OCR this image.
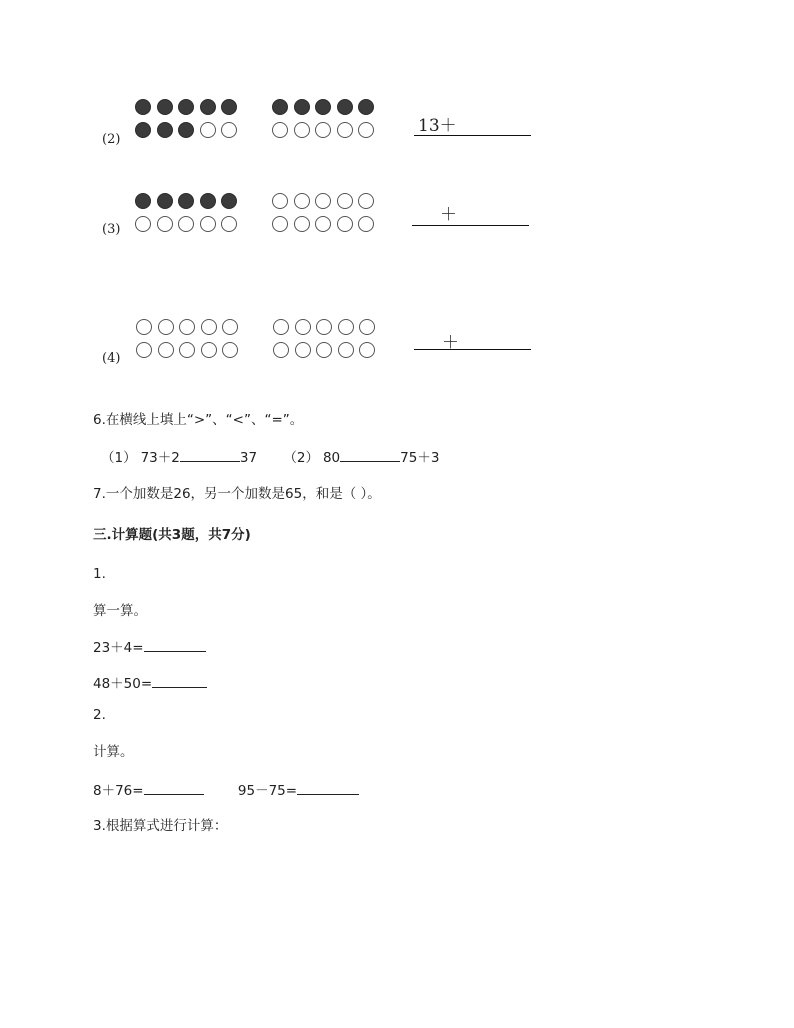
(2)
13＋
(3)
＋
(4)
＋
6.在横线上填上“>”、“<”、“=”。
（1） 73＋2	37 （2） 80	75＋3
7.一个加数是26，另一个加数是65，和是（ ）。
三.计算题(共3题，共7分)
1.
算一算。
23＋4=
48＋50=
2.
计算。
8＋76=	95－75=
3.根据算式进行计算：
